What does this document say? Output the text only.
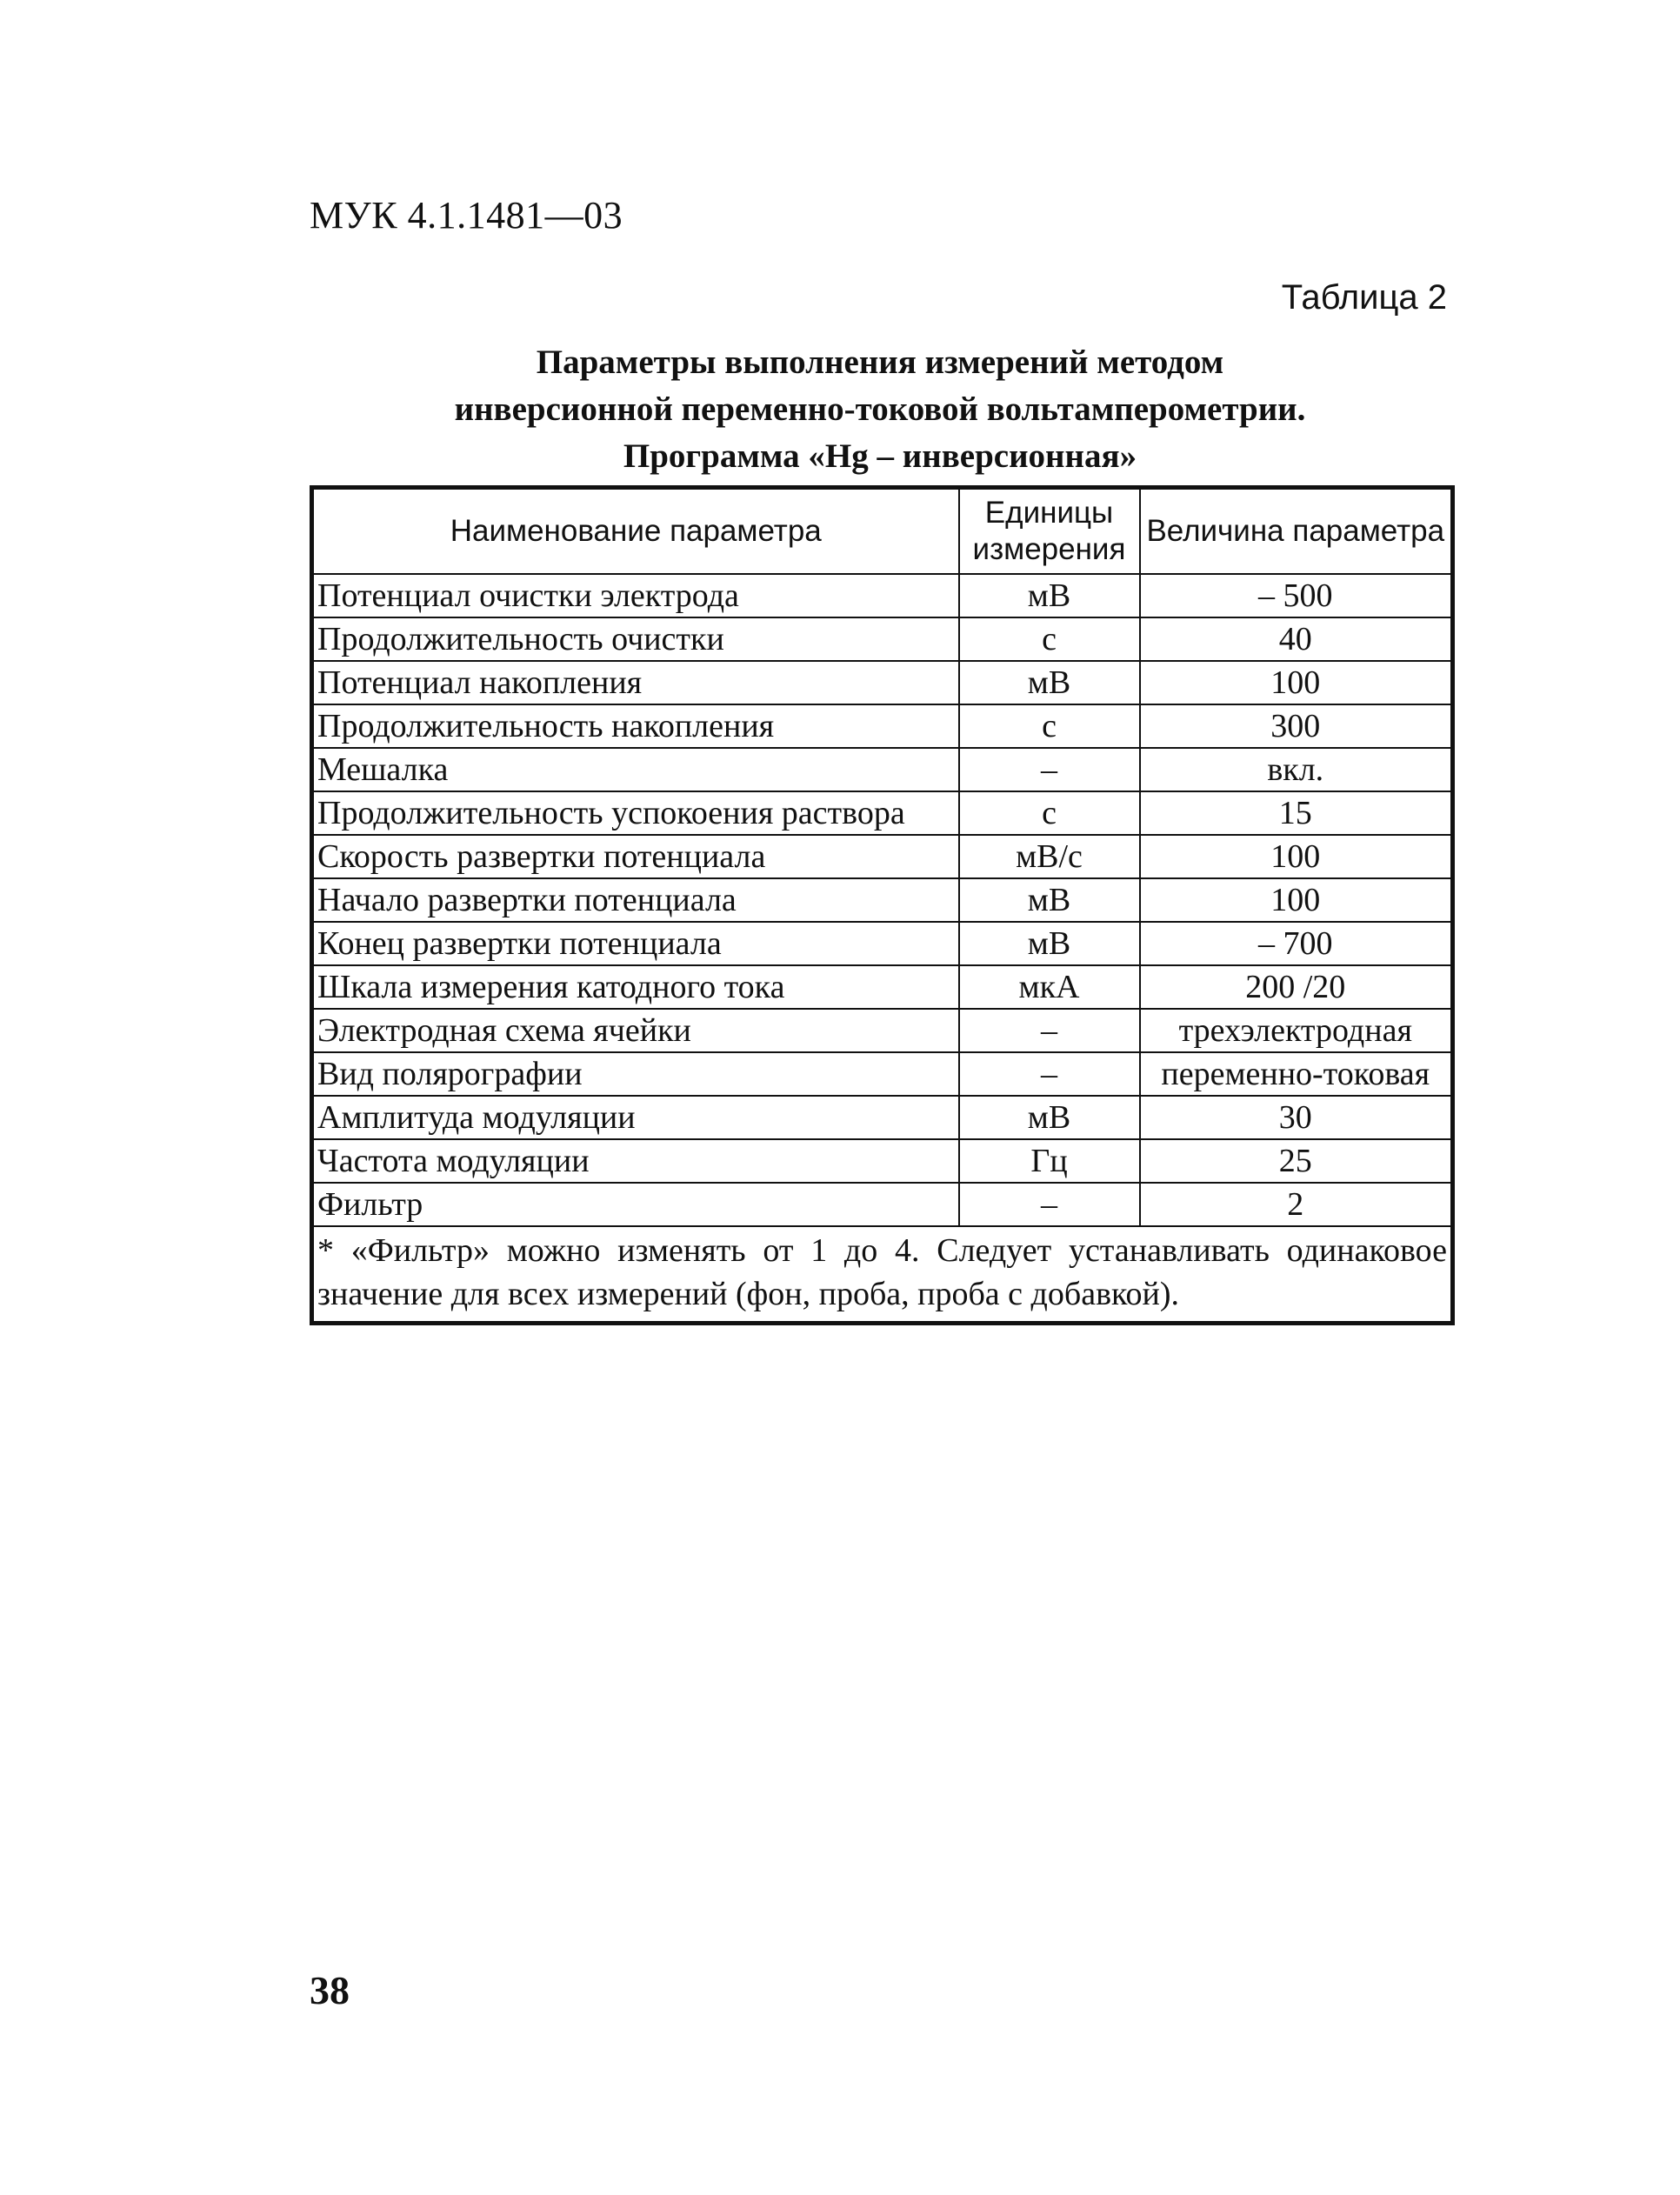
МУК 4.1.1481—03
Таблица 2
Параметры выполнения измерений методом
инверсионной переменно-токовой вольтамперометрии.
Программа «Hg – инверсионная»
Наименование параметра	Единицы измерения	Величина параметра
Потенциал очистки электрода	мВ	– 500
Продолжительность очистки	с	40
Потенциал накопления	мВ	100
Продолжительность накопления	с	300
Мешалка	–	вкл.
Продолжительность успокоения раствора	с	15
Скорость развертки потенциала	мВ/с	100
Начало развертки потенциала	мВ	100
Конец развертки потенциала	мВ	– 700
Шкала измерения катодного тока	мкА	200 /20
Электродная схема ячейки	–	трехэлектродная
Вид полярографии	–	переменно-токовая
Амплитуда модуляции	мВ	30
Частота модуляции	Гц	25
Фильтр	–	2
* «Фильтр» можно изменять от 1 до 4. Следует устанавливать одинаковое значение для всех измерений (фон, проба, проба с добавкой).		
38
